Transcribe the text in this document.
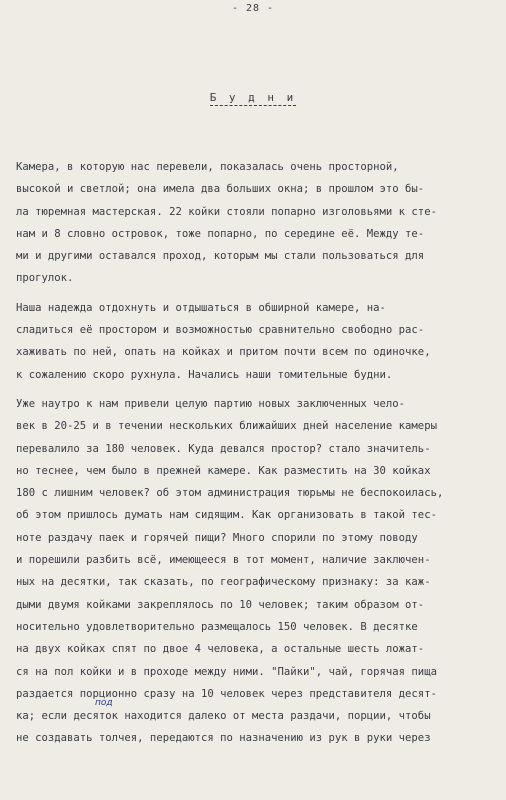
- 28 -
Б у д н и
Камера, в которую нас перевели, показалась очень просторной,
высокой и светлой; она имела два больших окна; в прошлом это бы-
ла тюремная мастерская. 22 койки стояли попарно изголовьями к сте-
нам и 8 словно островок, тоже попарно, по середине её. Между те-
ми и другими оставался проход, которым мы стали пользоваться для
прогулок.
Наша надежда отдохнуть и отдышаться в обширной камере, на-
сладиться её простором и возможностью сравнительно свободно рас-
хаживать по ней, опать на койках и притом почти всем по одиночке,
к сожалению скоро рухнула. Начались наши томительные будни.
Уже наутро к нам привели целую партию новых заключенных чело-
век в 20-25 и в течении нескольких ближайших дней население камеры
перевалило за 180 человек. Куда девался простор? стало значитель-
но теснее, чем было в прежней камере. Как разместить на 30 койках
180 с лишним человек? об этом администрация тюрьмы не беспокоилась,
об этом пришлось думать нам сидящим. Как организовать в такой тес-
ноте раздачу паек и горячей пищи? Много спорили по этому поводу
и порешили разбить всё, имеющееся в тот момент, наличие заключен-
ных на десятки, так сказать, по географическому признаку: за каж-
дыми двумя койками закреплялось по 10 человек; таким образом от-
носительно удовлетворительно размещалось 150 человек. В десятке
на двух койках спят по двое 4 человека, а остальные шесть ложат-
ся на пол койки и в проходе между ними. "Пайки", чай, горячая пища
раздается порционно сразу на 10 человек через представителя десят-
ка; если десяток находится далеко от места раздачи, порции, чтобы
не создавать толчея, передаются по назначению из рук в руки через
под
